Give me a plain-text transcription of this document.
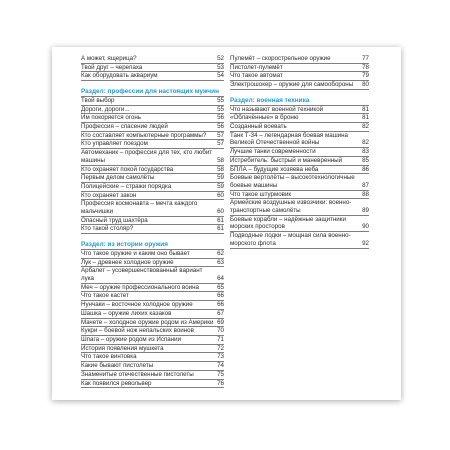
А может, ящерица?	52
Твой друг – черепаха	53
Как оборудовать аквариум	54
Раздел: профессии для настоящих мужчин
Твой выбор	55
Дороги, дороги...	55
Им покоряется огонь	56
Профессия – спасение людей	56
Кто составляет компьютерные программы?	57
Кто управляет поездом	57
Автомеханик – профессия для тех, кто любит машины	58
Кто охраняет покой государства	58
Первым делом самолёты	59
Полицейские – стражи порядка	59
Кто охраняет закон	60
Профессия космонавта – мечта каждого мальчишки	60
Опасный труд шахтёра	61
Кто такой столяр?	61
Раздел: из истории оружия
Что такое оружие и каким оно бывает	62
Лук – древнее холодное оружие	63
Арбалет – усовершенствованный вариант лука	64
Меч – оружие профессионального воина	65
Что такое кастет	66
Нунчаки – восточное холодное оружие	66
Шашка – оружие лихих казаков	67
Мачете – холодное оружие родом из Америки 69
Кукри – боевой нож непальских воинов	70
Шпага – оружие родом из Испании	71
История появления мушкета	72
Что такое винтовка	73
Какие бывают пистолеты	74
Знаменитые отечественные пистолеты	75
Как появился револьвер	76
Пулемёт – скорострельное оружие	77
Пистолет-пулемёт	78
Что такое автомат	79
Электрошокер – оружие для самообороны	80
Раздел: военная техника
Что называют военной техникой	81
«Облачённые» в броню	81
Созданный воевать	82
Танк Т-34 – легендарная боевая машина Великой Отечественной войны	82
Лучшие танки современности	83
Истребитель: быстрый и маневренный	85
БПЛА – будущие хозяева неба	86
Боевые вертолёты – высокотехнологичные боевые машины	87
Что такое штурмовик	88
Армейские воздушные извозчики: военно-транспортные самолёты	89
Боевые корабли – надёжные защитники морских просторов	90
Подводные лодки – мощная сила военно-морского флота	92
